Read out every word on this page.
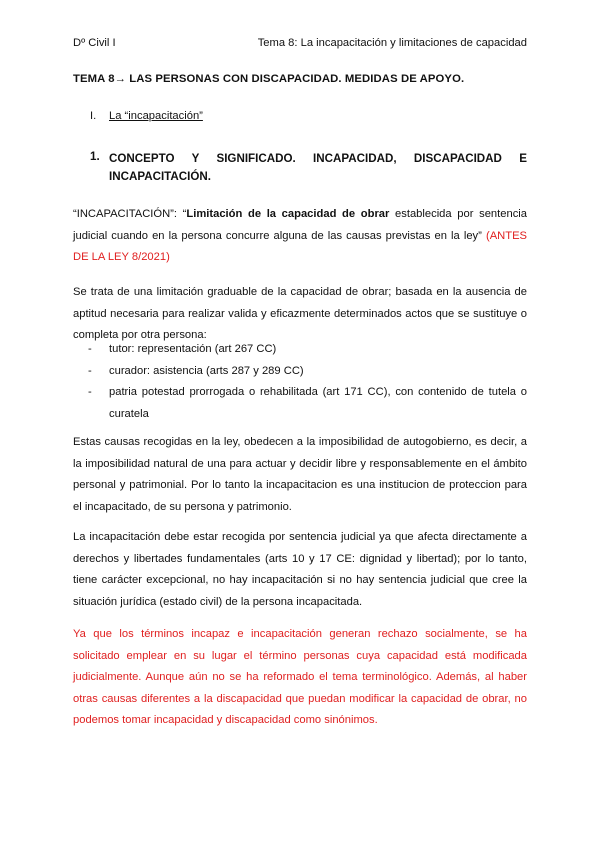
Dº Civil I	Tema 8: La incapacitación y limitaciones de capacidad
TEMA 8→ LAS PERSONAS CON DISCAPACIDAD. MEDIDAS DE APOYO.
I. La “incapacitación”
1. CONCEPTO Y SIGNIFICADO. INCAPACIDAD, DISCAPACIDAD E
INCAPACITACIÓN.

“INCAPACITACIÓN”: “Limitación de la capacidad de obrar establecida por sentencia judicial cuando en la persona concurre alguna de las causas previstas en la ley” (ANTES DE LA LEY 8/2021)

Se trata de una limitación graduable de la capacidad de obrar; basada en la ausencia de aptitud necesaria para realizar valida y eficazmente determinados actos que se sustituye o completa por otra persona:

- tutor: representación (art 267 CC)
- curador: asistencia (arts 287 y 289 CC)
- patria potestad prorrogada o rehabilitada (art 171 CC), con contenido de tutela o curatela

Estas causas recogidas en la ley, obedecen a la imposibilidad de autogobierno, es decir, a la imposibilidad natural de una para actuar y decidir libre y responsablemente en el ámbito personal y patrimonial. Por lo tanto la incapacitacion es una institucion de proteccion para el incapacitado, de su persona y patrimonio.

La incapacitación debe estar recogida por sentencia judicial ya que afecta directamente a derechos y libertades fundamentales (arts 10 y 17 CE: dignidad y libertad); por lo tanto, tiene carácter excepcional, no hay incapacitación si no hay sentencia judicial que cree la situación jurídica (estado civil) de la persona incapacitada.

Ya que los términos incapaz e incapacitación generan rechazo socialmente, se ha solicitado emplear en su lugar el término personas cuya capacidad está modificada judicialmente. Aunque aún no se ha reformado el tema terminológico. Además, al haber otras causas diferentes a la discapacidad que puedan modificar la capacidad de obrar, no podemos tomar incapacidad y discapacidad como sinónimos.
